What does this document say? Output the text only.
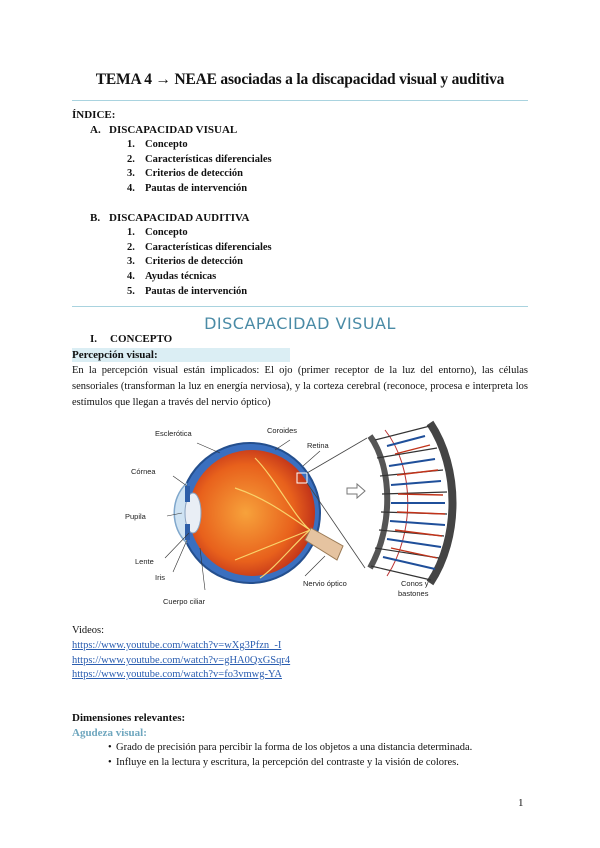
TEMA 4 → NEAE asociadas a la discapacidad visual y auditiva
ÍNDICE:
A. DISCAPACIDAD VISUAL
1. Concepto
2. Características diferenciales
3. Criterios de detección
4. Pautas de intervención
B. DISCAPACIDAD AUDITIVA
1. Concepto
2. Características diferenciales
3. Criterios de detección
4. Ayudas técnicas
5. Pautas de intervención
DISCAPACIDAD VISUAL
I. CONCEPTO
Percepción visual:
En la percepción visual están implicados: El ojo (primer receptor de la luz del entorno), las células sensoriales (transforman la luz en energía nerviosa), y la corteza cerebral (reconoce, procesa e interpreta los estímulos que llegan a través del nervio óptico)
Esclerótica	Coroides
Retina
Córnea
Pupila
Lente
Iris
Cuerpo ciliar
Nervio óptico	Conos y
bastones
Videos:
https://www.youtube.com/watch?v=wXg3Pfzn_-I
https://www.youtube.com/watch?v=gHA0QxGSqr4
https://www.youtube.com/watch?v=fo3vmwg-YA
Dimensiones relevantes:
Agudeza visual:
• Grado de precisión para percibir la forma de los objetos a una distancia determinada.
• Influye en la lectura y escritura, la percepción del contraste y la visión de colores.
1
